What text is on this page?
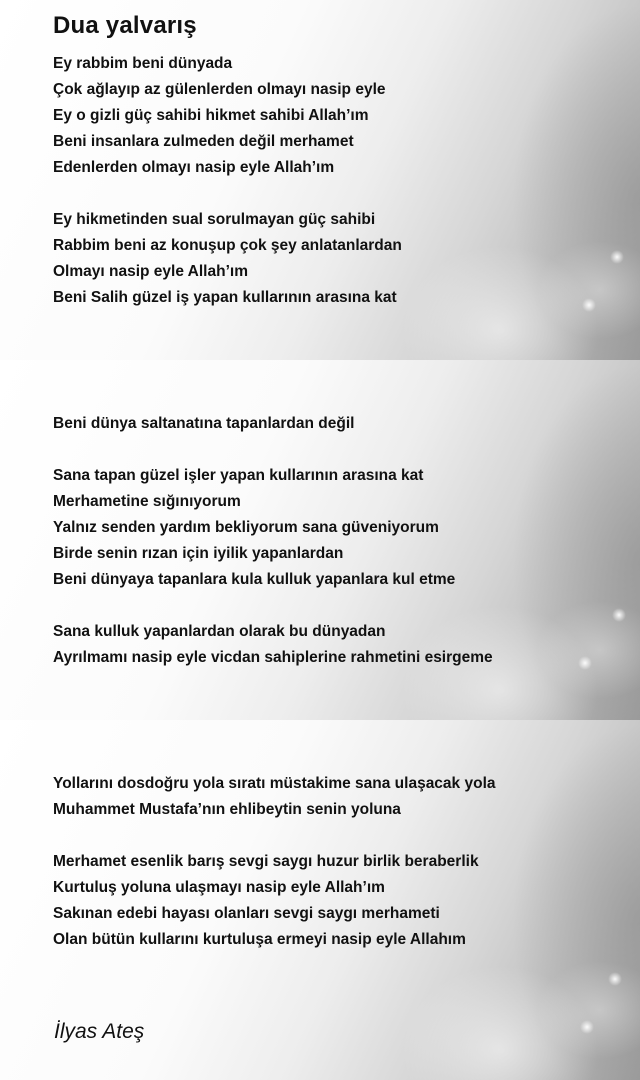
Dua yalvarış
Ey rabbim beni dünyada
Çok ağlayıp az gülenlerden olmayı nasip eyle
Ey o gizli güç sahibi hikmet sahibi Allah’ım
Beni insanlara zulmeden değil merhamet
Edenlerden olmayı nasip eyle Allah’ım
Ey hikmetinden sual sorulmayan güç sahibi
Rabbim beni az konuşup çok şey anlatanlardan
Olmayı nasip eyle Allah’ım
Beni Salih güzel iş yapan kullarının arasına kat
Beni dünya saltanatına tapanlardan değil
Sana tapan güzel işler yapan kullarının arasına kat
Merhametine sığınıyorum
Yalnız senden yardım bekliyorum sana güveniyorum
Birde senin rızan için iyilik yapanlardan
Beni dünyaya tapanlara kula kulluk yapanlara kul etme
Sana kulluk yapanlardan olarak bu dünyadan
Ayrılmamı nasip eyle vicdan sahiplerine rahmetini esirgeme
Yollarını dosdoğru yola sıratı müstakime sana ulaşacak yola
Muhammet Mustafa’nın ehlibeytin senin yoluna
Merhamet esenlik barış sevgi saygı huzur birlik beraberlik
Kurtuluş yoluna ulaşmayı nasip eyle Allah’ım
Sakınan edebi hayası olanları sevgi saygı merhameti
Olan bütün kullarını kurtuluşa ermeyi nasip eyle Allahım

İlyas Ateş
